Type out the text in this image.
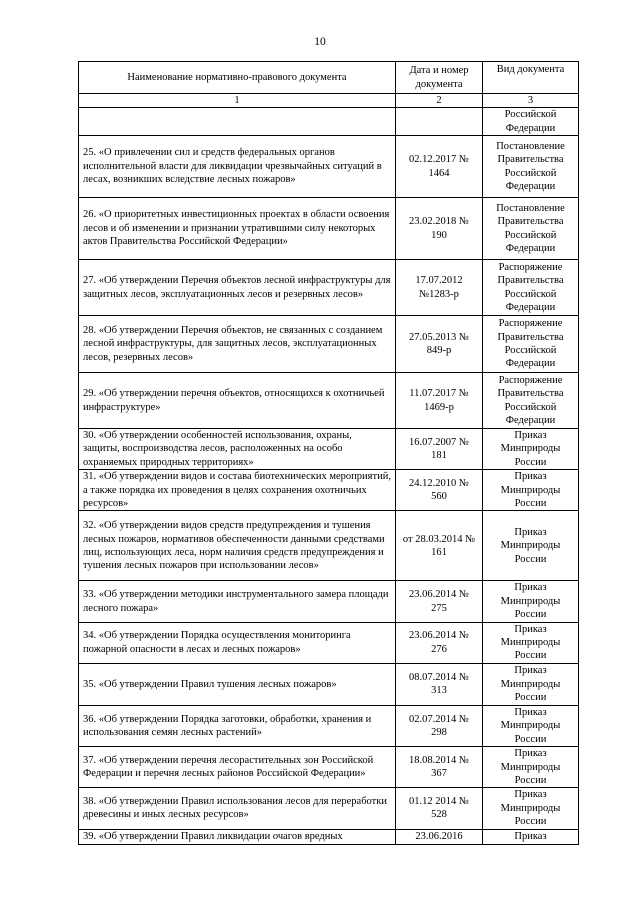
10
Наименование нормативно-правового документа	Дата и номер документа	Вид документа
1	2	3
		Российской Федерации
25. «О привлечении сил и средств федеральных органов исполнительной власти для ликвидации чрезвычайных ситуаций в лесах, возникших вследствие лесных пожаров»	02.12.2017 № 1464	Постановление Правительства Российской Федерации
26. «О приоритетных инвестиционных проектах в области освоения лесов и об изменении и признании утратившими силу некоторых актов Правительства Российской Федерации»	23.02.2018 № 190	Постановление Правительства Российской Федерации
27. «Об утверждении Перечня объектов лесной инфраструктуры для защитных лесов, эксплуатационных лесов и резервных лесов»	17.07.2012 №1283-р	Распоряжение Правительства Российской Федерации
28. «Об утверждении Перечня объектов, не связанных с созданием лесной инфраструктуры, для защитных лесов, эксплуатационных лесов, резервных лесов»	27.05.2013 № 849-р	Распоряжение Правительства Российской Федерации
29. «Об утверждении перечня объектов, относящихся к охотничьей инфраструктуре»	11.07.2017 № 1469-р	Распоряжение Правительства Российской Федерации
30. «Об утверждении особенностей использования, охраны, защиты, воспроизводства лесов, расположенных на особо охраняемых природных территориях»	16.07.2007 № 181	Приказ Минприроды России
31. «Об утверждении видов и состава биотехнических мероприятий, а также порядка их проведения в целях сохранения охотничьих ресурсов»	24.12.2010 № 560	Приказ Минприроды России
32. «Об утверждении видов средств предупреждения и тушения лесных пожаров, нормативов обеспеченности данными средствами лиц, использующих леса, норм наличия средств предупреждения и тушения лесных пожаров при использовании лесов»	от 28.03.2014 № 161	Приказ Минприроды России
33. «Об утверждении методики инструментального замера площади лесного пожара»	23.06.2014 № 275	Приказ Минприроды России
34. «Об утверждении Порядка осуществления мониторинга пожарной опасности в лесах и лесных пожаров»	23.06.2014 № 276	Приказ Минприроды России
35. «Об утверждении Правил тушения лесных пожаров»	08.07.2014 № 313	Приказ Минприроды России
36. «Об утверждении Порядка заготовки, обработки, хранения и использования семян лесных растений»	02.07.2014 № 298	Приказ Минприроды России
37. «Об утверждении перечня лесорастительных зон Российской Федерации и перечня лесных районов Российской Федерации»	18.08.2014 № 367	Приказ Минприроды России
38. «Об утверждении Правил использования лесов для переработки древесины и иных лесных ресурсов»	01.12 2014 № 528	Приказ Минприроды России
39. «Об утверждении Правил ликвидации очагов вредных	23.06.2016	Приказ
